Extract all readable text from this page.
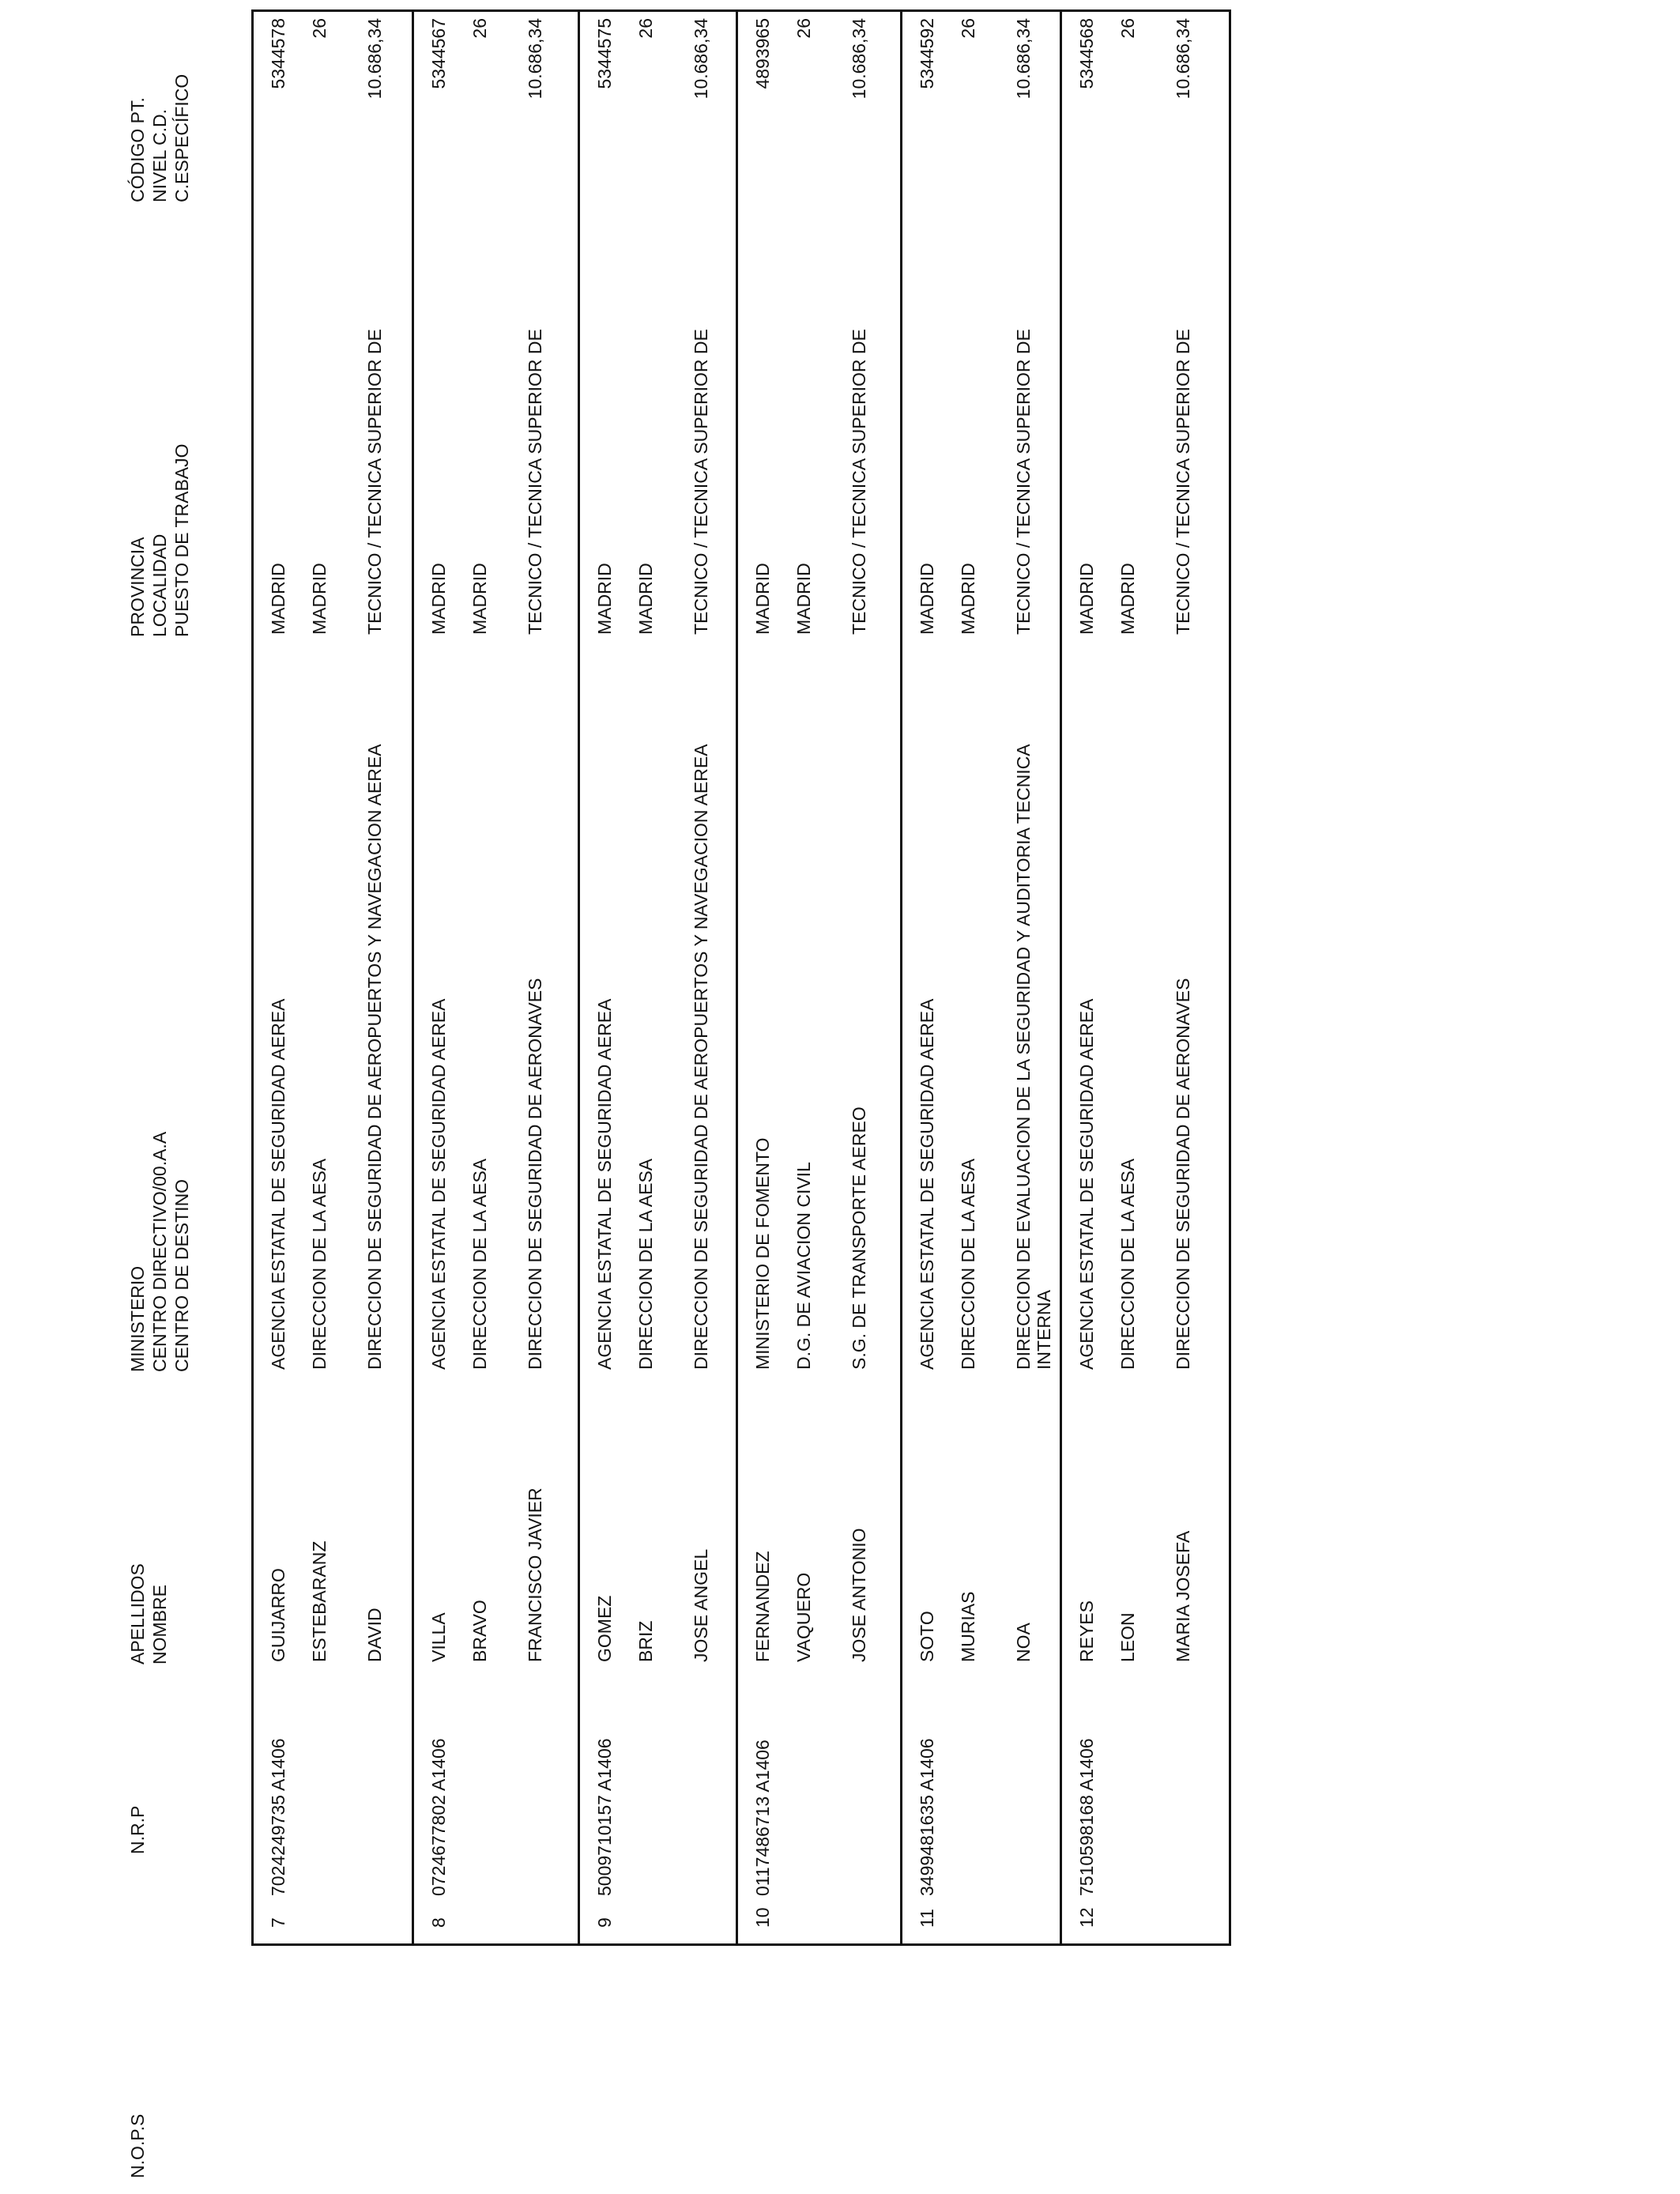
N.O.P.S
N.R.P
APELLIDOS NOMBRE
MINISTERIO CENTRO DIRECTIVO/00.A.A CENTRO DE DESTINO
PROVINCIA LOCALIDAD PUESTO DE TRABAJO
CÓDIGO PT. NIVEL C.D. C.ESPECÍFICO
7
7024249735 A1406
GUIJARRO ESTEBARANZ DAVID
AGENCIA ESTATAL DE SEGURIDAD AEREA DIRECCION DE LA AESA DIRECCION DE SEGURIDAD DE AEROPUERTOS Y NAVEGACION AEREA
MADRID MADRID TECNICO / TECNICA SUPERIOR DE
5344578 26 10.686,34
8
0724677802 A1406
VILLA BRAVO FRANCISCO JAVIER
AGENCIA ESTATAL DE SEGURIDAD AEREA DIRECCION DE LA AESA DIRECCION DE SEGURIDAD DE AERONAVES
MADRID MADRID TECNICO / TECNICA SUPERIOR DE
5344567 26 10.686,34
9
5009710157 A1406
GOMEZ BRIZ JOSE ANGEL
AGENCIA ESTATAL DE SEGURIDAD AEREA DIRECCION DE LA AESA DIRECCION DE SEGURIDAD DE AEROPUERTOS Y NAVEGACION AEREA
MADRID MADRID TECNICO / TECNICA SUPERIOR DE
5344575 26 10.686,34
10
0117486713 A1406
FERNANDEZ VAQUERO JOSE ANTONIO
MINISTERIO DE FOMENTO D.G. DE AVIACION CIVIL S.G. DE TRANSPORTE AEREO
MADRID MADRID TECNICO / TECNICA SUPERIOR DE
4893965 26 10.686,34
11
3499481635 A1406
SOTO MURIAS NOA
AGENCIA ESTATAL DE SEGURIDAD AEREA DIRECCION DE LA AESA DIRECCION DE EVALUACION DE LA SEGURIDAD Y AUDITORIA TECNICA INTERNA
MADRID MADRID TECNICO / TECNICA SUPERIOR DE
5344592 26 10.686,34
12
7510598168 A1406
REYES LEON MARIA JOSEFA
AGENCIA ESTATAL DE SEGURIDAD AEREA DIRECCION DE LA AESA DIRECCION DE SEGURIDAD DE AERONAVES
MADRID MADRID TECNICO / TECNICA SUPERIOR DE
5344568 26 10.686,34
